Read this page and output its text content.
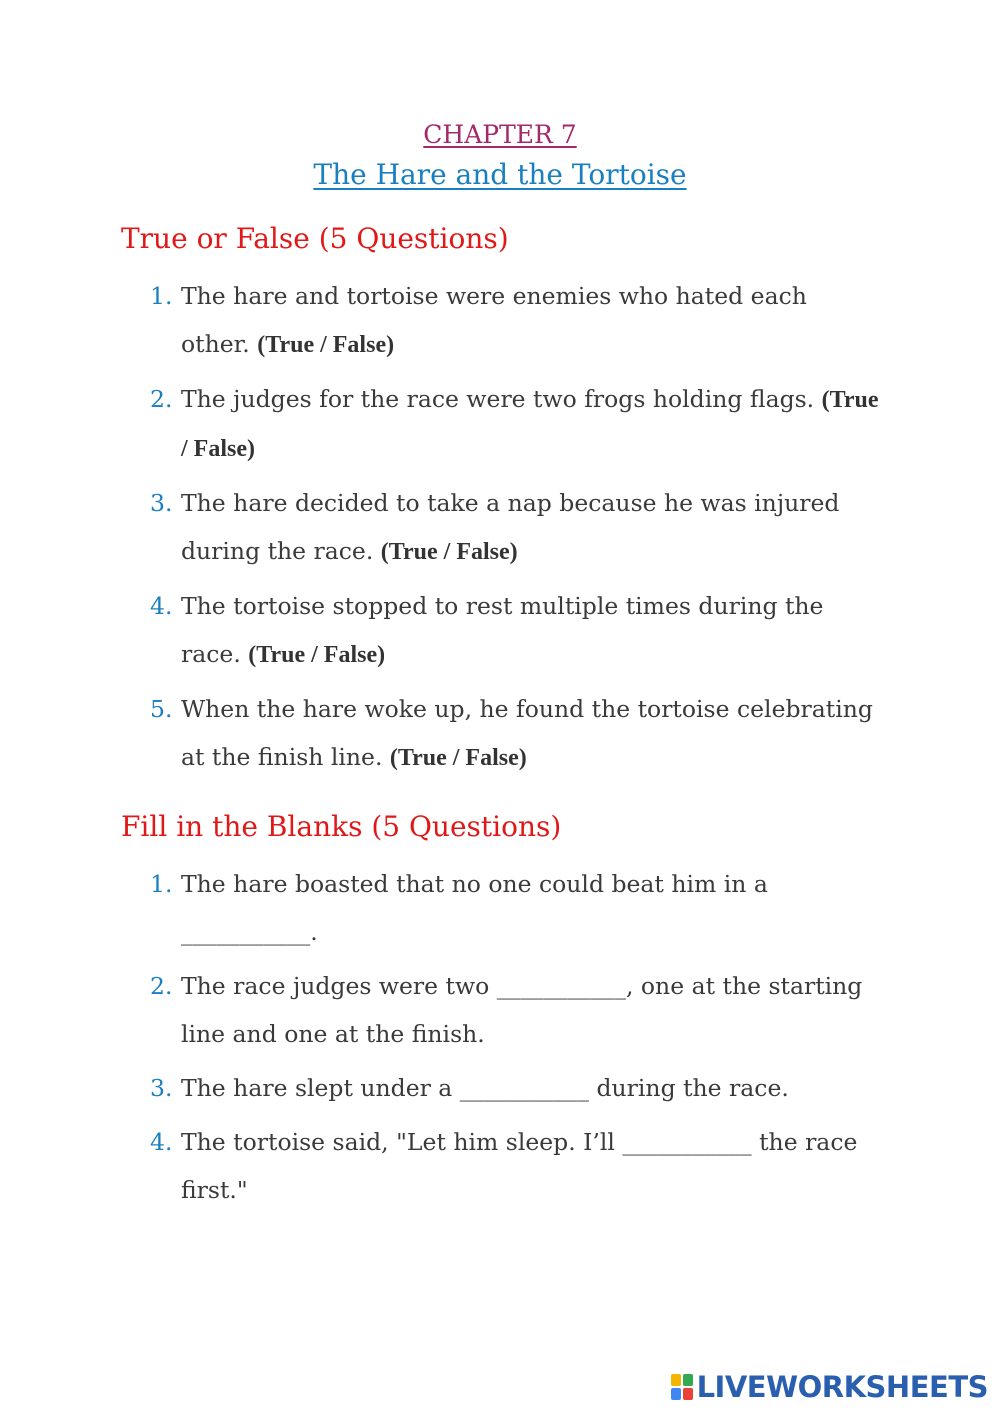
CHAPTER 7
The Hare and the Tortoise
True or False (5 Questions)
1. The hare and tortoise were enemies who hated each other. (True / False)
2. The judges for the race were two frogs holding flags. (True / False)
3. The hare decided to take a nap because he was injured during the race. (True / False)
4. The tortoise stopped to rest multiple times during the race. (True / False)
5. When the hare woke up, he found the tortoise celebrating at the finish line. (True / False)
Fill in the Blanks (5 Questions)
1. The hare boasted that no one could beat him in a ___________.
2. The race judges were two ___________, one at the starting line and one at the finish.
3. The hare slept under a ___________ during the race.
4. The tortoise said, "Let him sleep. I’ll ___________ the race first."
LIVEWORKSHEETS
